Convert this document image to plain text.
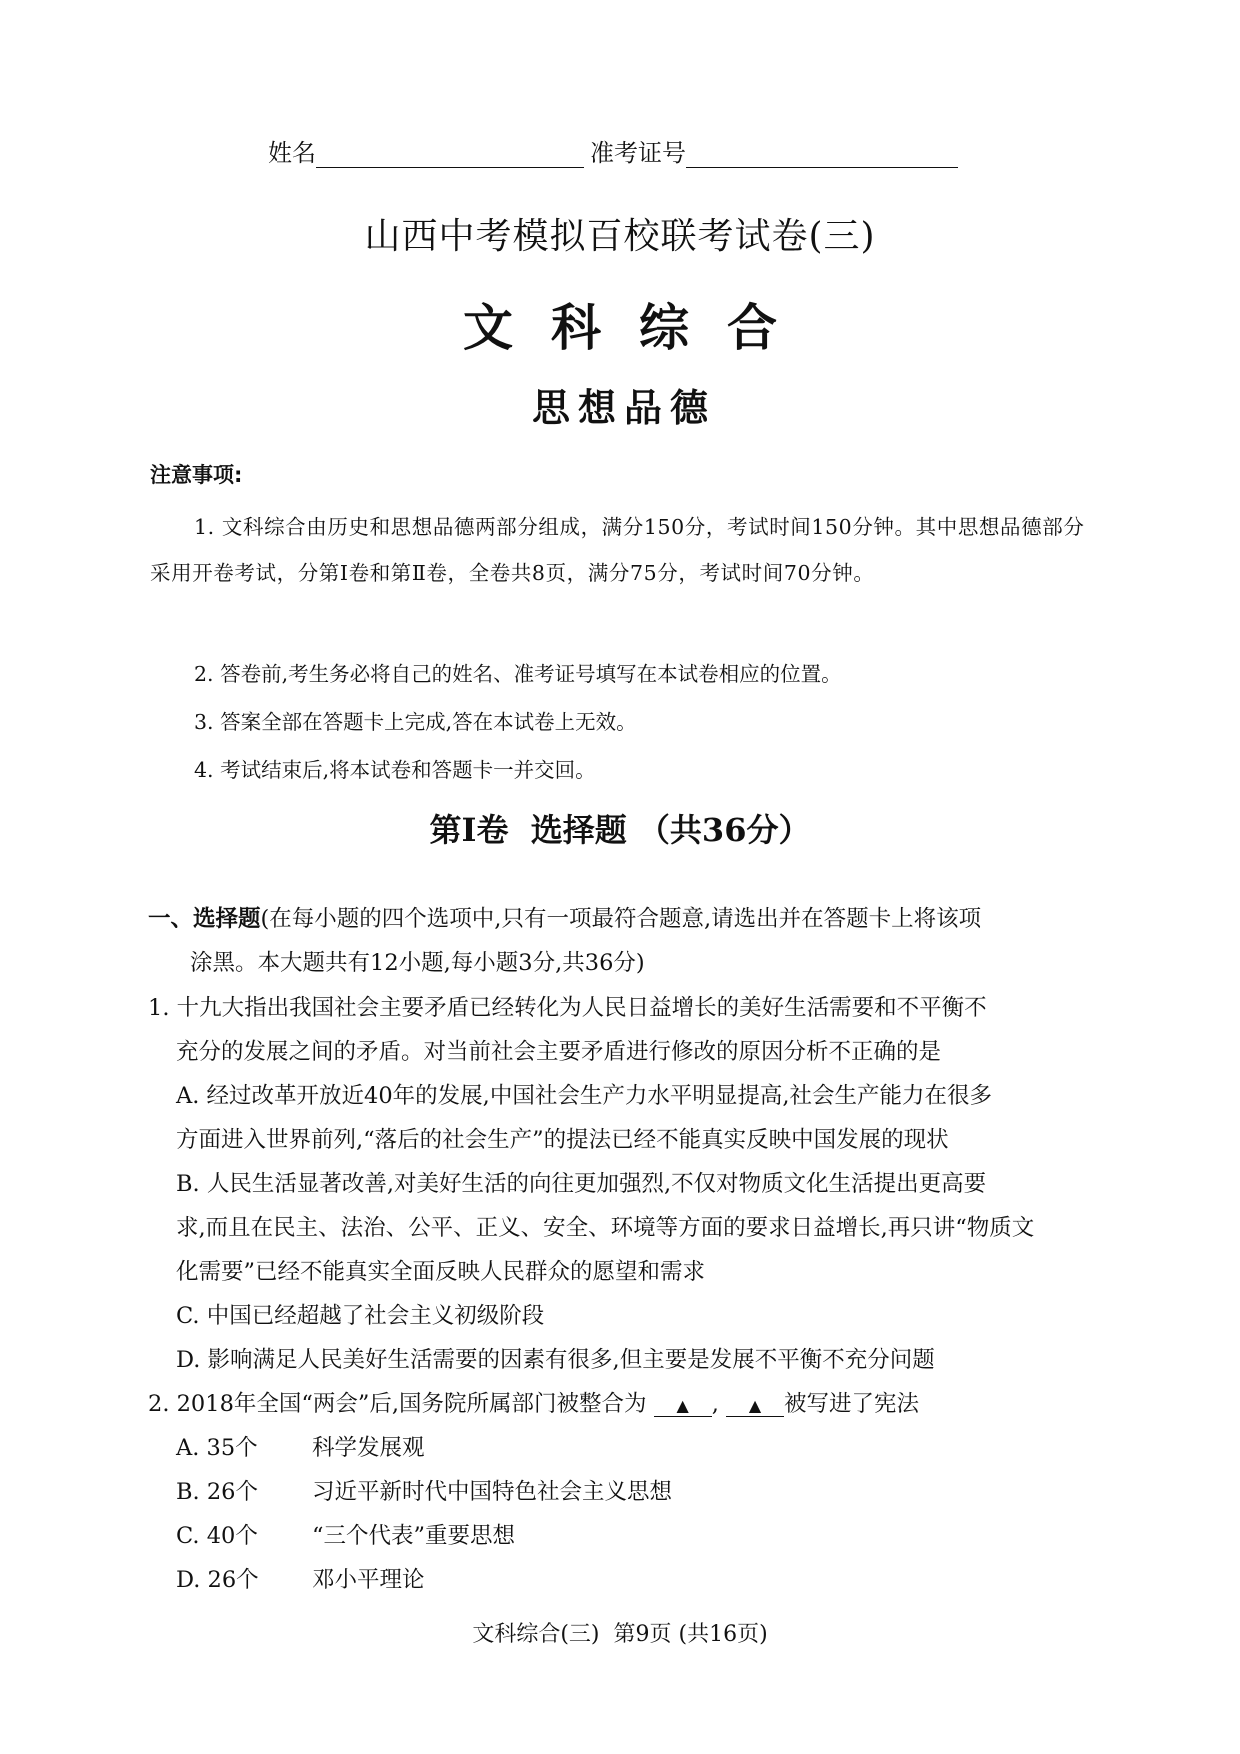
姓名	准考证号
山西中考模拟百校联考试卷(三)
文科综合
思想品德
注意事项:
1. 文科综合由历史和思想品德两部分组成，满分150分，考试时间150分钟。其中思想品德部分采用开卷考试，分第Ⅰ卷和第Ⅱ卷，全卷共8页，满分75分，考试时间70分钟。
2. 答卷前,考生务必将自己的姓名、准考证号填写在本试卷相应的位置。
3. 答案全部在答题卡上完成,答在本试卷上无效。
4. 考试结束后,将本试卷和答题卡一并交回。
第Ⅰ卷  选择题 （共36分）
一、选择题(在每小题的四个选项中,只有一项最符合题意,请选出并在答题卡上将该项
涂黑。本大题共有12小题,每小题3分,共36分)
1. 十九大指出我国社会主要矛盾已经转化为人民日益增长的美好生活需要和不平衡不
充分的发展之间的矛盾。对当前社会主要矛盾进行修改的原因分析不正确的是
A. 经过改革开放近40年的发展,中国社会生产力水平明显提高,社会生产能力在很多
方面进入世界前列,“落后的社会生产”的提法已经不能真实反映中国发展的现状
B. 人民生活显著改善,对美好生活的向往更加强烈,不仅对物质文化生活提出更高要
求,而且在民主、法治、公平、正义、安全、环境等方面的要求日益增长,再只讲“物质文
化需要”已经不能真实全面反映人民群众的愿望和需求
C. 中国已经超越了社会主义初级阶段
D. 影响满足人民美好生活需要的因素有很多,但主要是发展不平衡不充分问题
2. 2018年全国“两会”后,国务院所属部门被整合为 ▲ , ▲ 被写进了宪法
A. 35个	科学发展观
B. 26个	习近平新时代中国特色社会主义思想
C. 40个	“三个代表”重要思想
D. 26个	邓小平理论
文科综合(三)  第9页 (共16页)
